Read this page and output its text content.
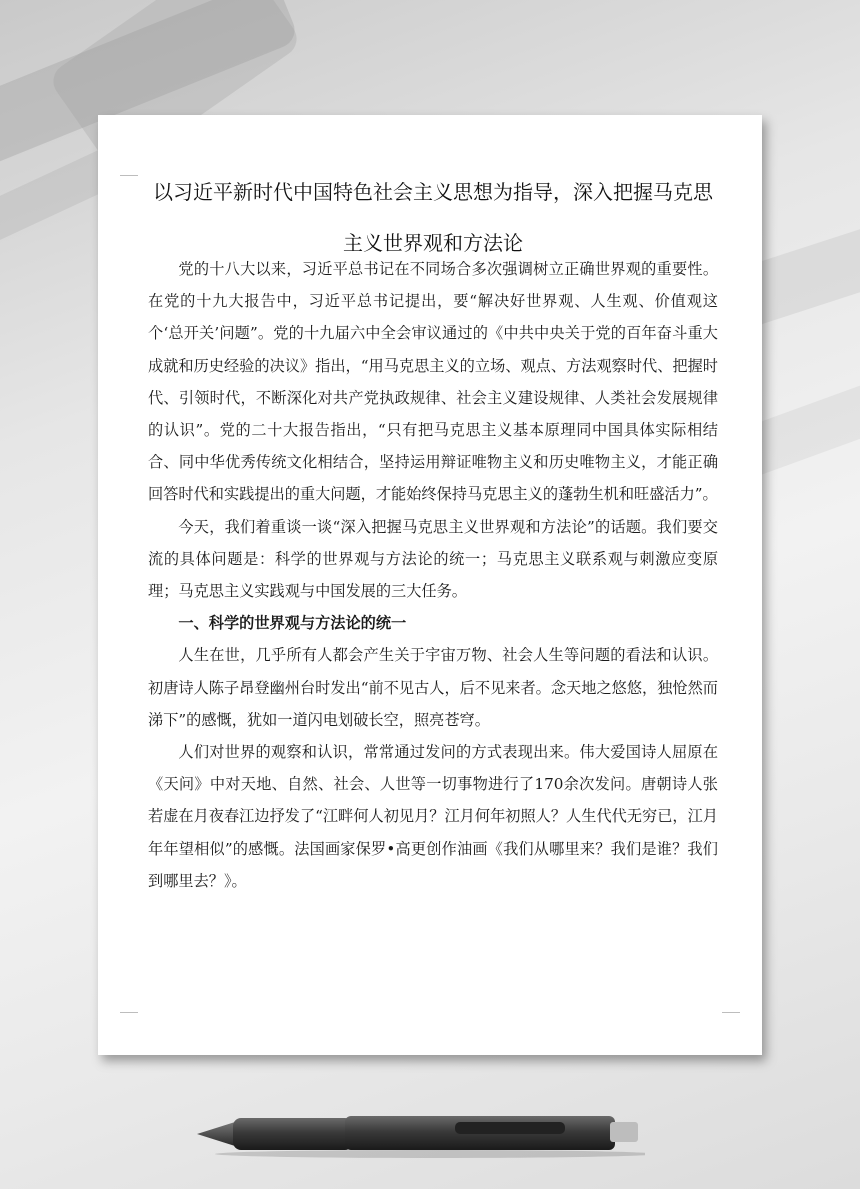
以习近平新时代中国特色社会主义思想为指导，深入把握马克思主义世界观和方法论

党的十八大以来，习近平总书记在不同场合多次强调树立正确世界观的重要性。在党的十九大报告中，习近平总书记提出，要“解决好世界观、人生观、价值观这个‘总开关’问题”。党的十九届六中全会审议通过的《中共中央关于党的百年奋斗重大成就和历史经验的决议》指出，“用马克思主义的立场、观点、方法观察时代、把握时代、引领时代，不断深化对共产党执政规律、社会主义建设规律、人类社会发展规律的认识”。党的二十大报告指出，“只有把马克思主义基本原理同中国具体实际相结合、同中华优秀传统文化相结合，坚持运用辩证唯物主义和历史唯物主义，才能正确回答时代和实践提出的重大问题，才能始终保持马克思主义的蓬勃生机和旺盛活力”。

今天，我们着重谈一谈“深入把握马克思主义世界观和方法论”的话题。我们要交流的具体问题是：科学的世界观与方法论的统一；马克思主义联系观与刺激应变原理；马克思主义实践观与中国发展的三大任务。

一、科学的世界观与方法论的统一

人生在世，几乎所有人都会产生关于宇宙万物、社会人生等问题的看法和认识。初唐诗人陈子昂登幽州台时发出“前不见古人，后不见来者。念天地之悠悠，独怆然而涕下”的感慨，犹如一道闪电划破长空，照亮苍穹。

人们对世界的观察和认识，常常通过发问的方式表现出来。伟大爱国诗人屈原在《天问》中对天地、自然、社会、人世等一切事物进行了170余次发问。唐朝诗人张若虚在月夜春江边抒发了“江畔何人初见月？江月何年初照人？人生代代无穷已，江月年年望相似”的感慨。法国画家保罗•高更创作油画《我们从哪里来？我们是谁？我们到哪里去？》。
